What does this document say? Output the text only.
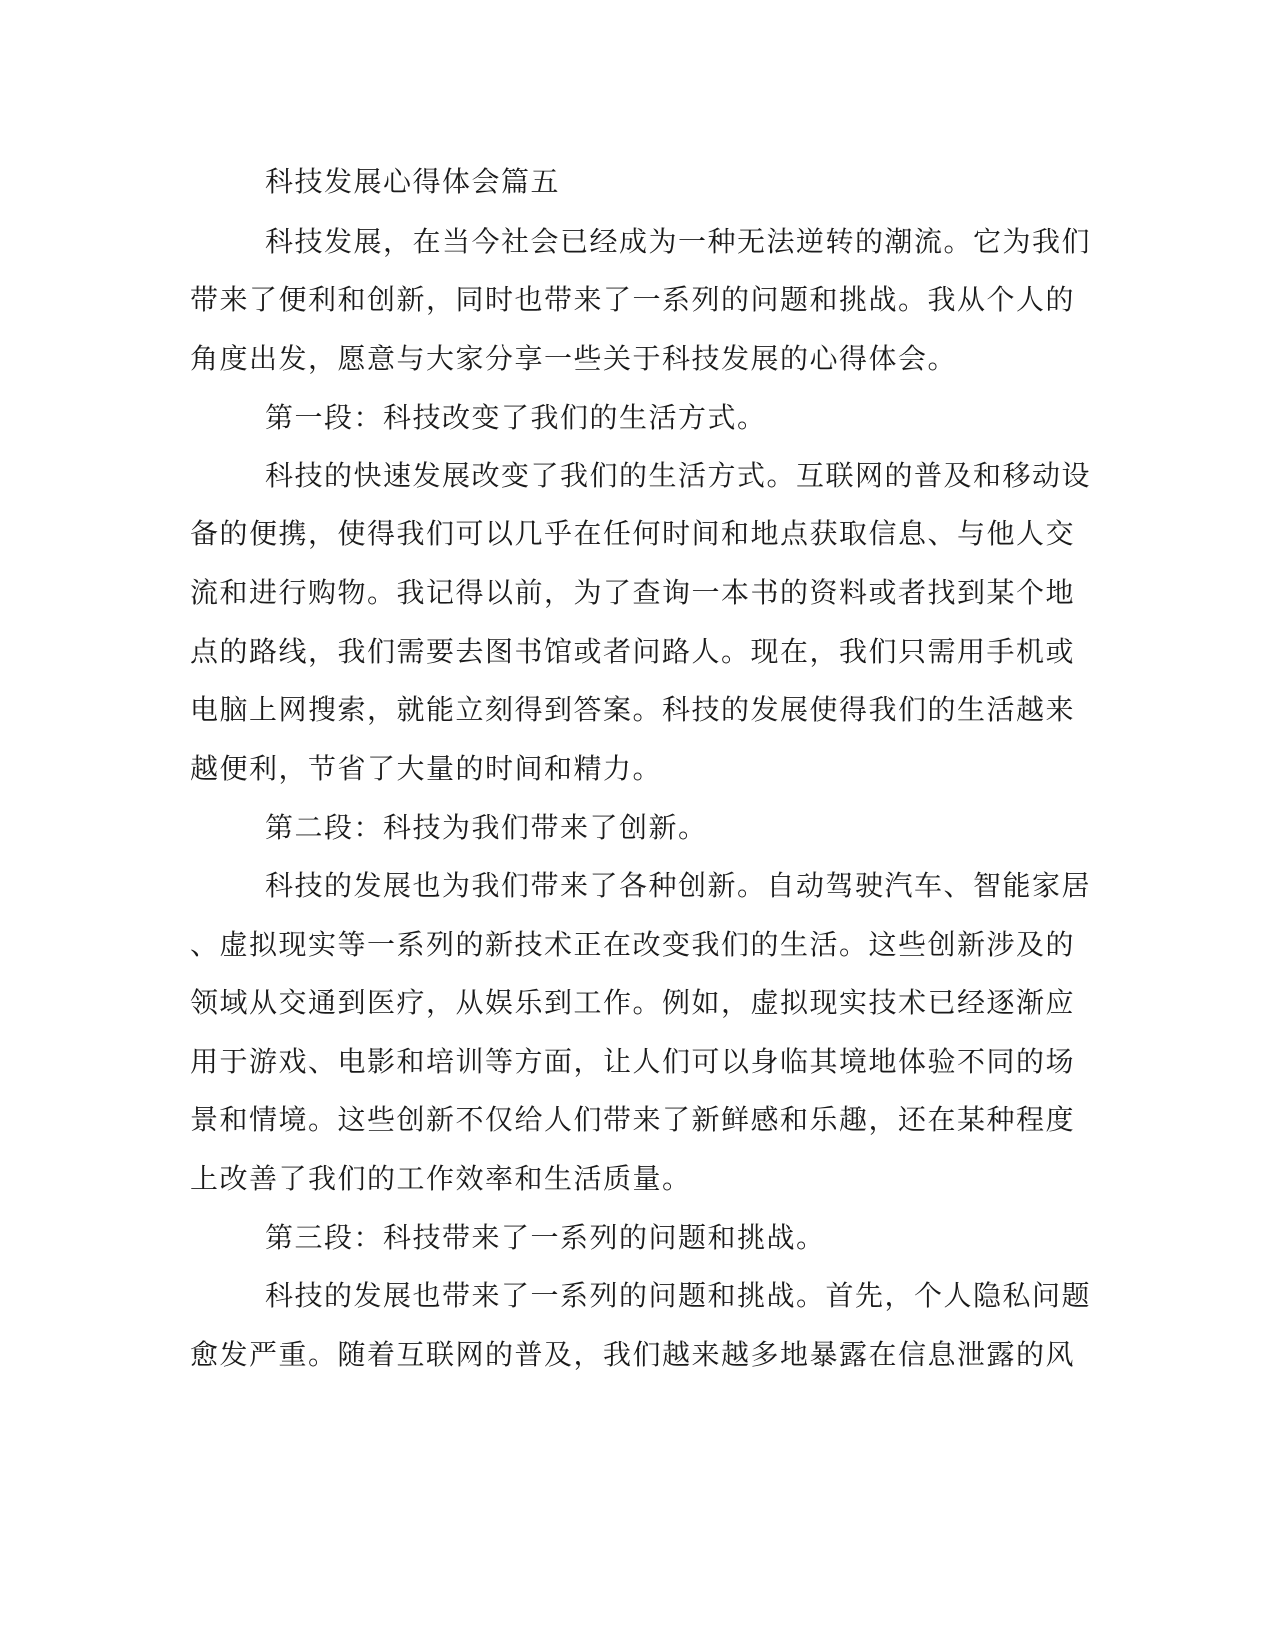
科技发展心得体会篇五
科技发展，在当今社会已经成为一种无法逆转的潮流。它为我们
带来了便利和创新，同时也带来了一系列的问题和挑战。我从个人的
角度出发，愿意与大家分享一些关于科技发展的心得体会。
第一段：科技改变了我们的生活方式。
科技的快速发展改变了我们的生活方式。互联网的普及和移动设
备的便携，使得我们可以几乎在任何时间和地点获取信息、与他人交
流和进行购物。我记得以前，为了查询一本书的资料或者找到某个地
点的路线，我们需要去图书馆或者问路人。现在，我们只需用手机或
电脑上网搜索，就能立刻得到答案。科技的发展使得我们的生活越来
越便利，节省了大量的时间和精力。
第二段：科技为我们带来了创新。
科技的发展也为我们带来了各种创新。自动驾驶汽车、智能家居
、虚拟现实等一系列的新技术正在改变我们的生活。这些创新涉及的
领域从交通到医疗，从娱乐到工作。例如，虚拟现实技术已经逐渐应
用于游戏、电影和培训等方面，让人们可以身临其境地体验不同的场
景和情境。这些创新不仅给人们带来了新鲜感和乐趣，还在某种程度
上改善了我们的工作效率和生活质量。
第三段：科技带来了一系列的问题和挑战。
科技的发展也带来了一系列的问题和挑战。首先，个人隐私问题
愈发严重。随着互联网的普及，我们越来越多地暴露在信息泄露的风
